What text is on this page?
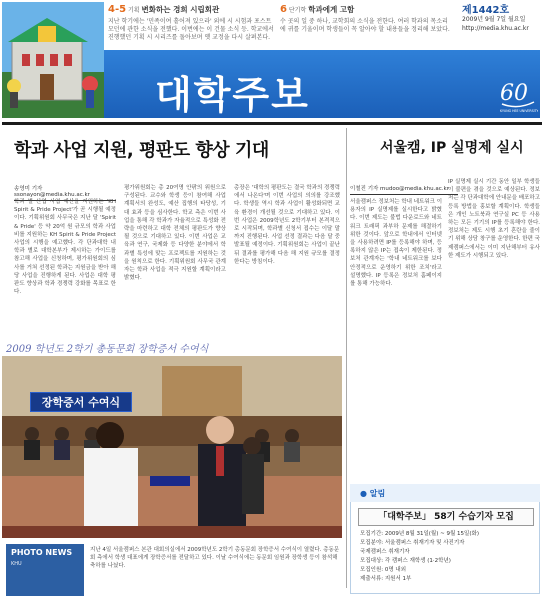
4-5 기획 변화하는 경희 시립회관

지난 학기에는 '민족이여 흩어져 있으라' 외에 시 시험과 포스트모던에 관한 소식을 전했다. 이번에는 이 건물 소식 등. 학교에서 진행했던 기획 시 시리즈를 돌아보며 옛 교정을 다시 살펴본다.

6 단기학 학과에게 고함

수 곳의 일 중 하나, 교학회의 소식을 전한다. 여러 학과의 목소리에 귀를 기울이며 학생들이 꼭 알아야 할 내용들을 정리해 보았다.

제1442호
2009년 9월 7일 월요일
http://media.khu.ac.kr
대학주보	60
KYUNG HEE UNIVERSITY
학과 사업 지원, 평판도 향상 기대
송영미 기자 ssonayon@media.khu.ac.kr
학과 별 산업 사업 예산을 지원하는 'KH Spirit & Pride Project'가 곧 시행될 예정이다. 기획위원회 사무국은 지난 달 'Spirit & Pride' 등 약 20억 원 규모의 학과 사업비를 지원하는 KH Spirit & Pride Project 사업의 시행을 예고했다. 각 단과대학 내 학과 별로 대학본부가 제시하는 가이드를 참고해 사업을 신청하며, 평가위원회의 심사를 거쳐 선정된 학과는 지원금을 받아 해당 사업을 진행하게 된다. 사업은 대학 평판도 향상과 학과 경쟁력 강화를 목표로 한다.
평가위원회는 총 20여명 안팎의 위원으로 구성된다. 교수와 학생 등이 참여해 사업 계획서의 완성도, 예산 집행의 타당성, 기대 효과 등을 심사한다. 학교 측은 이번 사업을 통해 각 학과가 자율적으로 특성화 전략을 마련하고 대학 전체의 평판도가 향상될 것으로 기대하고 있다. 이번 사업은 교육과 연구, 국제화 등 다양한 분야에서 학과별 특성에 맞는 프로젝트를 지원하는 것을 원칙으로 한다. 기획위원회 사무국 관계자는 학과 사업을 적극 지원할 계획이라고 밝혔다.
총장은 '대학의 평판도는 결국 학과의 경쟁력에서 나온다'며 이번 사업의 의의를 강조했다. 학생들 역시 학과 사업이 활성화되면 교육 환경이 개선될 것으로 기대하고 있다. 이번 사업은 2009학년도 2학기부터 본격적으로 시작되며, 학과별 신청서 접수는 이달 말까지 진행된다. 사업 선정 결과는 다음 달 중 발표될 예정이다. 기획위원회는 사업이 끝난 뒤 결과를 평가해 다음 해 지원 규모를 결정한다는 방침이다.
서울캠, IP 실명제 실시
이철진 기자 mudoo@media.khu.ac.kr
서울캠퍼스 정보처는 학내 네트워크 이용자의 IP 실명제를 실시한다고 밝혔다. 이번 제도는 불법 다운로드와 네트워크 트래픽 과부하 문제를 해결하기 위한 것이다. 앞으로 학내에서 인터넷을 사용하려면 IP를 등록해야 하며, 등록하지 않은 IP는 접속이 제한된다. 정보처 관계자는 '학내 네트워크를 보다 안정적으로 운영하기 위한 조치'라고 설명했다. IP 등록은 정보처 홈페이지를 통해 가능하다.
IP 실명제 실시 기간 동안 일부 학생들이 불편을 겪을 것으로 예상된다. 정보처는 각 단과대학에 안내문을 배포하고 등록 방법을 홍보할 계획이다. 학생들은 개인 노트북과 연구실 PC 등 사용하는 모든 기기의 IP를 등록해야 한다. 정보처는 제도 시행 초기 혼란을 줄이기 위해 상담 창구를 운영한다. 한편 국제캠퍼스에서는 이미 지난해부터 유사한 제도가 시행되고 있다.
2009 학년도 2학기 총동문회 장학증서 수여식
장학증서 수여식
PHOTO NEWS
KHU
지난 4일 서울캠퍼스 본관 대회의실에서 2009학년도 2학기 총동문회 장학증서 수여식이 열렸다. 총동문회 측에서 학생 대표에게 장학증서를 전달하고 있다. 이날 수여식에는 동문회 임원과 장학생 등이 참석해 축하를 나눴다.
● 알림
「대학주보」 58기 수습기자 모집
모집기간: 2009년 8월 31일(월) ~ 9월 15일(화)
모집분야: 서울캠퍼스 취재기자 및 사진기자
국제캠퍼스 취재기자
모집대상: 각 캠퍼스 재학생 (1·2학년)
모집인원: 0명 내외
제출서류: 지원서 1부
